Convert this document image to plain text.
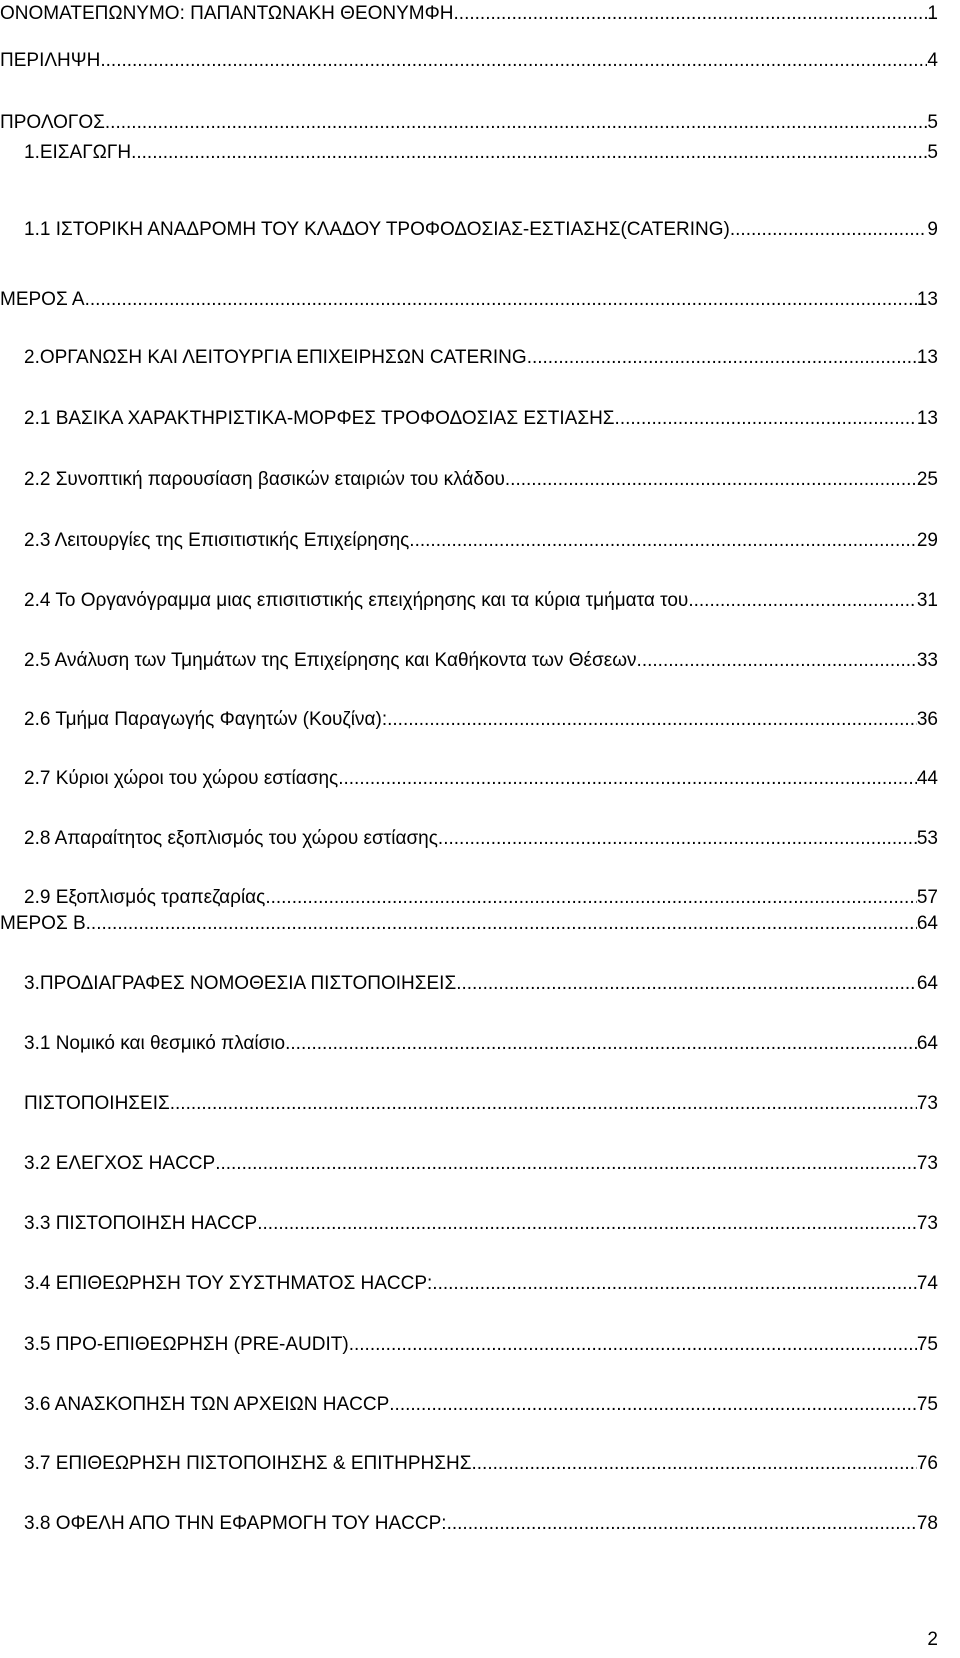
ΟΝΟΜΑΤΕΠΩΝΥΜΟ: ΠΑΠΑΝΤΩΝΑΚΗ ΘΕΟΝΥΜΦΗ .....	1
ΠΕΡΙΛΗΨΗ .....	4
ΠΡΟΛΟΓΟΣ .....	5
1.ΕΙΣΑΓΩΓΗ .....	5
1.1 ΙΣΤΟΡΙΚΗ ΑΝΑΔΡΟΜΗ ΤΟΥ ΚΛΑΔΟΥ ΤΡΟΦΟΔΟΣΙΑΣ-ΕΣΤΙΑΣΗΣ(CATERING) .....	9
ΜΕΡΟΣ Α .....	13
2.ΟΡΓΑΝΩΣΗ ΚΑΙ ΛΕΙΤΟΥΡΓΙΑ ΕΠΙΧΕΙΡΗΣΩΝ CATERING .....	13
2.1 ΒΑΣΙΚΑ ΧΑΡΑΚΤΗΡΙΣΤΙΚΑ-ΜΟΡΦΕΣ ΤΡΟΦΟΔΟΣΙΑΣ ΕΣΤΙΑΣΗΣ .....	13
2.2 Συνοπτική παρουσίαση βασικών εταιριών του κλάδου .....	25
2.3 Λειτουργίες της Επισιτιστικής Επιχείρησης. .....	29
2.4 Το Οργανόγραμμα μιας επισιτιστικής επειχήρησης και τα κύρια τμήματα του .....	31
2.5 Ανάλυση των Τμημάτων της Επιχείρησης και Καθήκοντα των Θέσεων .....	33
2.6 Τμήμα Παραγωγής Φαγητών (Κουζίνα): .....	36
2.7 Κύριοι χώροι του χώρου εστίασης .....	44
2.8 Απαραίτητος εξοπλισμός του χώρου εστίασης .....	53
2.9 Εξοπλισμός τραπεζαρίας .....	57
ΜΕΡΟΣ Β .....	64
3.ΠΡΟΔΙΑΓΡΑΦΕΣ ΝΟΜΟΘΕΣΙΑ ΠΙΣΤΟΠΟΙΗΣΕΙΣ .....	64
3.1 Νομικό και θεσμικό πλαίσιο .....	64
ΠΙΣΤΟΠΟΙΗΣΕΙΣ .....	73
3.2 ΕΛΕΓΧΟΣ HACCP .....	73
3.3 ΠΙΣΤΟΠΟΙΗΣΗ HACCP .....	73
3.4 ΕΠΙΘΕΩΡΗΣΗ ΤΟΥ ΣΥΣΤΗΜΑΤΟΣ HACCP: .....	74
3.5 ΠΡΟ-ΕΠΙΘΕΩΡΗΣΗ (PRE-AUDIT) .....	75
3.6 ΑΝΑΣΚΟΠΗΣΗ ΤΩΝ ΑΡΧΕΙΩΝ HACCP .....	75
3.7 ΕΠΙΘΕΩΡΗΣΗ ΠΙΣΤΟΠΟΙΗΣΗΣ & ΕΠΙΤΗΡΗΣΗΣ .....	76
3.8 ΟΦΕΛΗ ΑΠΟ ΤΗΝ ΕΦΑΡΜΟΓΗ ΤΟΥ HACCP: .....	78
2
